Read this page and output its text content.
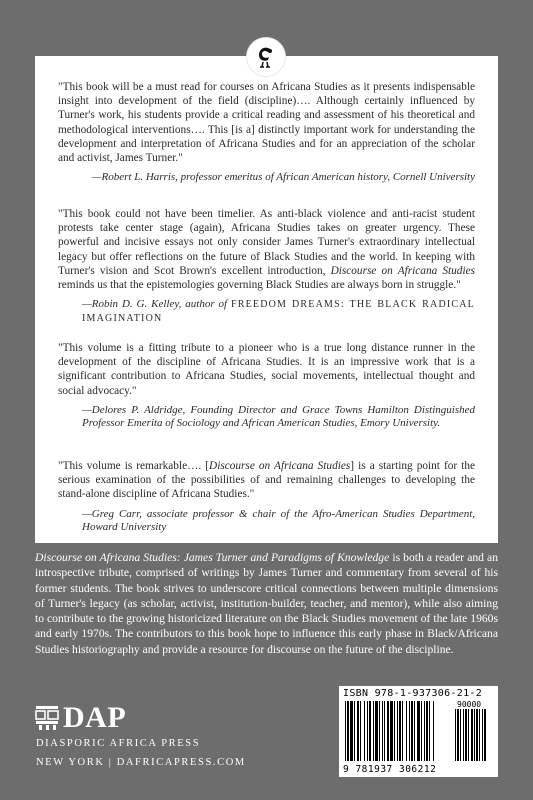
"This book will be a must read for courses on Africana Studies as it presents indispensable insight into development of the field (discipline)…. Although certainly influenced by Turner's work, his students provide a critical reading and assessment of his theoretical and methodological interventions…. This [is a] distinctly important work for understanding the development and interpretation of Africana Studies and for an appreciation of the scholar and activist, James Turner."

—Robert L. Harris, professor emeritus of African American history, Cornell University

"This book could not have been timelier. As anti-black violence and anti-racist student protests take center stage (again), Africana Studies takes on greater urgency. These powerful and incisive essays not only consider James Turner's extraordinary intellectual legacy but offer reflections on the future of Black Studies and the world. In keeping with Turner's vision and Scot Brown's excellent introduction, Discourse on Africana Studies reminds us that the epistemologies governing Black Studies are always born in struggle."

—Robin D. G. Kelley, author of FREEDOM DREAMS: THE BLACK RADICAL IMAGINATION

"This volume is a fitting tribute to a pioneer who is a true long distance runner in the development of the discipline of Africana Studies. It is an impressive work that is a significant contribution to Africana Studies, social movements, intellectual thought and social advocacy."

—Delores P. Aldridge, Founding Director and Grace Towns Hamilton Distinguished Professor Emerita of Sociology and African American Studies, Emory University.

"This volume is remarkable…. [Discourse on Africana Studies] is a starting point for the serious examination of the possibilities of and remaining challenges to developing the stand-alone discipline of Africana Studies."

—Greg Carr, associate professor & chair of the Afro-American Studies Department, Howard University
Discourse on Africana Studies: James Turner and Paradigms of Knowledge is both a reader and an introspective tribute, comprised of writings by James Turner and commentary from several of his former students. The book strives to underscore critical connections between multiple dimensions of Turner's legacy (as scholar, activist, institution-builder, teacher, and mentor), while also aiming to contribute to the growing historicized literature on the Black Studies movement of the late 1960s and early 1970s. The contributors to this book hope to influence this early phase in Black/Africana Studies historiography and provide a resource for discourse on the future of the discipline.
DAP
DIASPORIC AFRICA PRESS
NEW YORK | DAFRICAPRESS.COM
ISBN 978-1-937306-21-2
90000
9 781937 306212
